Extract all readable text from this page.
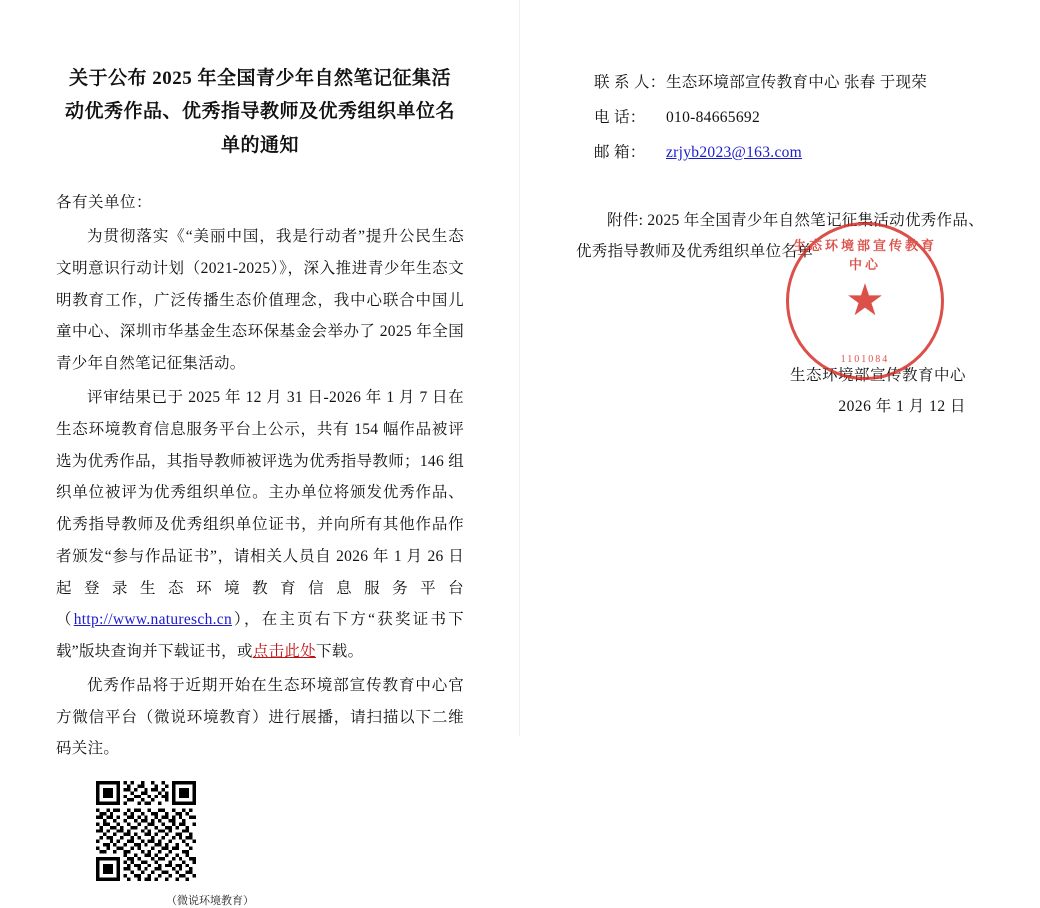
关于公布 2025 年全国青少年自然笔记征集活动优秀作品、优秀指导教师及优秀组织单位名单的通知
各有关单位：

为贯彻落实《“美丽中国，我是行动者”提升公民生态文明意识行动计划（2021-2025）》，深入推进青少年生态文明教育工作，广泛传播生态价值理念，我中心联合中国儿童中心、深圳市华基金生态环保基金会举办了 2025 年全国青少年自然笔记征集活动。

评审结果已于 2025 年 12 月 31 日-2026 年 1 月 7 日在生态环境教育信息服务平台上公示，共有 154 幅作品被评选为优秀作品，其指导教师被评选为优秀指导教师；146 组织单位被评为优秀组织单位。主办单位将颁发优秀作品、优秀指导教师及优秀组织单位证书，并向所有其他作品作者颁发“参与作品证书”，请相关人员自 2026 年 1 月 26 日起登录生态环境教育信息服务平台（http://www.naturesch.cn），在主页右下方“获奖证书下载”版块查询并下载证书，或点击此处下载。

优秀作品将于近期开始在生态环境部宣传教育中心官方微信平台（微说环境教育）进行展播，请扫描以下二维码关注。

（微说环境教育）
联 系 人：生态环境部宣传教育中心 张春 于现荣
电 话： 010-84665692
邮 箱： zrjyb2023@163.com

附件: 2025 年全国青少年自然笔记征集活动优秀作品、优秀指导教师及优秀组织单位名单

生态环境部宣传教育中心
2026 年 1 月 12 日
生态环境部宣传教育中心
★
1101084
